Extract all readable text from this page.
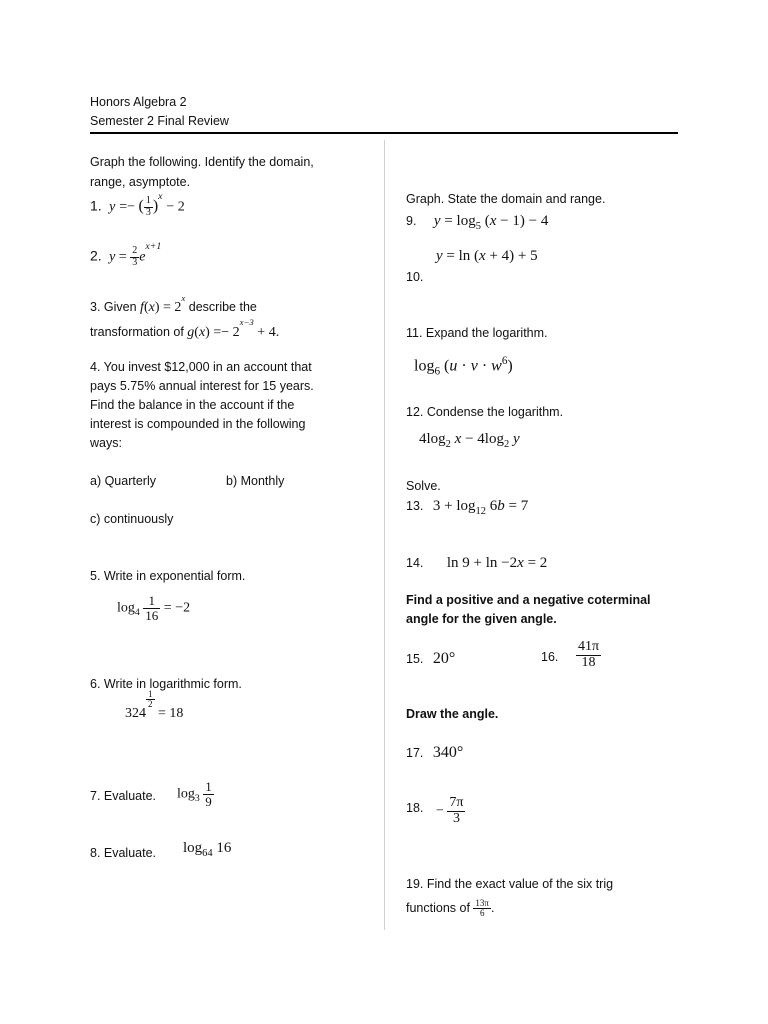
Honors Algebra 2
Semester 2 Final Review
Graph the following. Identify the domain,
range, asymptote.
1.  y =− ( $\frac{1}{3} )^x - 2$
2.  $y = \frac{2}{3} e^{x+1}$
3. Given $f(x) = 2^x$ describe the
transformation of $g(x) =- 2^{x-3} + 4$.
4. You invest $12,000 in an account that
pays 5.75% annual interest for 15 years.
Find the balance in the account if the
interest is compounded in the following
ways:
a) Quarterly	b) Monthly
c) continuously
5. Write in exponential form.
$\log_4 \frac{1}{16} = -2$
6. Write in logarithmic form.
324
$\frac{1}{2}$
= 18
7. Evaluate. $\log_3 \frac{1}{9}$
8. Evaluate. $\log_{64} 16$
Graph. State the domain and range.
9. $y = \log_5 (x - 1) - 4$
y = ln (x + 4) + 5
10.
11. Expand the logarithm.
$\log_6 (u \cdot v \cdot w^6)$
12. Condense the logarithm.
$4\log_2$ $x - 4\log_2$ y
Solve.
13. $3 + \log_{12} 6b = 7$
14. ln 9 + ln −2x = 2
Find a positive and a negative coterminal
angle for the given angle.
15. 20°	16. $\frac{41\pi}{18}$
Draw the angle.
17. 340°
18. − $\frac{7\pi}{3}$
19. Find the exact value of the six trig
functions of $\frac{13\pi}{6}$ .
